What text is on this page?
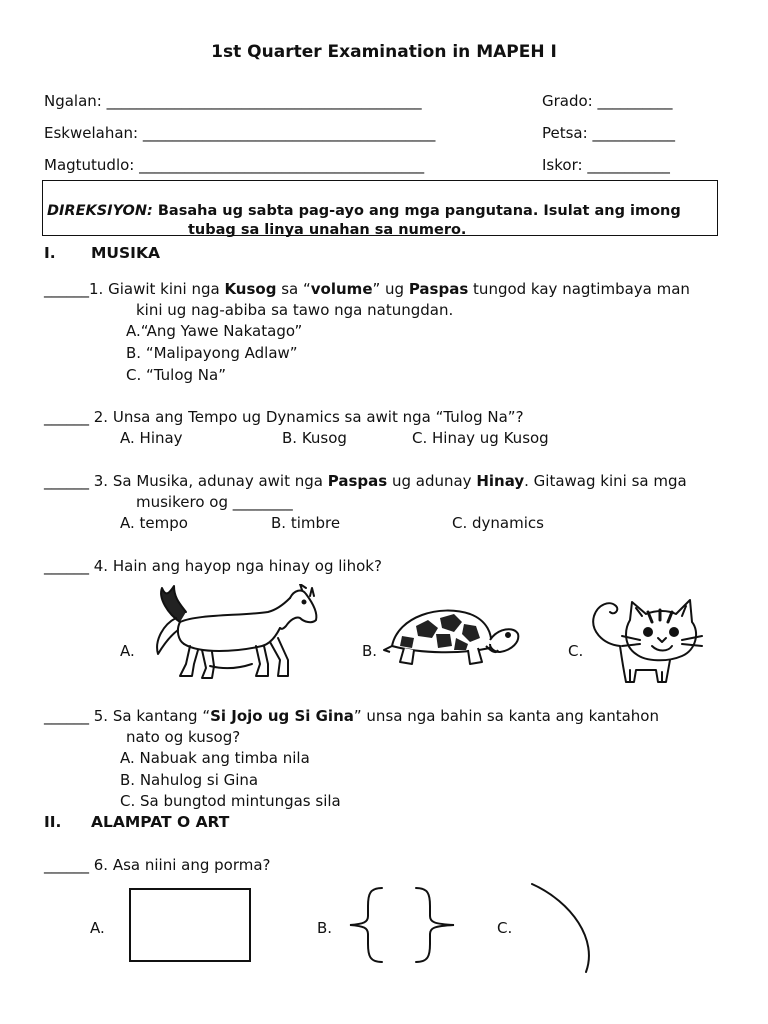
1st Quarter Examination in MAPEH I
Ngalan: __________________________________________	Grado: __________
Eskwelahan: _______________________________________	Petsa: ___________
Magtutudlo: ______________________________________	Iskor: ___________
DIREKSIYON: Basaha ug sabta pag-ayo ang mga pangutana. Isulat ang imong
tubag sa linya unahan sa numero.
I. MUSIKA
______1. Giawit kini nga Kusog sa “volume” ug Paspas tungod kay nagtimbaya man
kini ug nag-abiba sa tawo nga natungdan.
A.“Ang Yawe Nakatago”
B. “Malipayong Adlaw”
C. “Tulog Na”
______ 2. Unsa ang Tempo ug Dynamics sa awit nga “Tulog Na”?
A. Hinay	B. Kusog	C. Hinay ug Kusog
______ 3. Sa Musika, adunay awit nga Paspas ug adunay Hinay. Gitawag kini sa mga
musikero og ________
A. tempo	B. timbre	C. dynamics
______ 4. Hain ang hayop nga hinay og lihok?
A.	B.	C.
______ 5. Sa kantang “Si Jojo ug Si Gina” unsa nga bahin sa kanta ang kantahon
nato og kusog?
A. Nabuak ang timba nila
B. Nahulog si Gina
C. Sa bungtod mintungas sila
II. ALAMPAT O ART
______ 6. Asa niini ang porma?
A.	B.	C.
